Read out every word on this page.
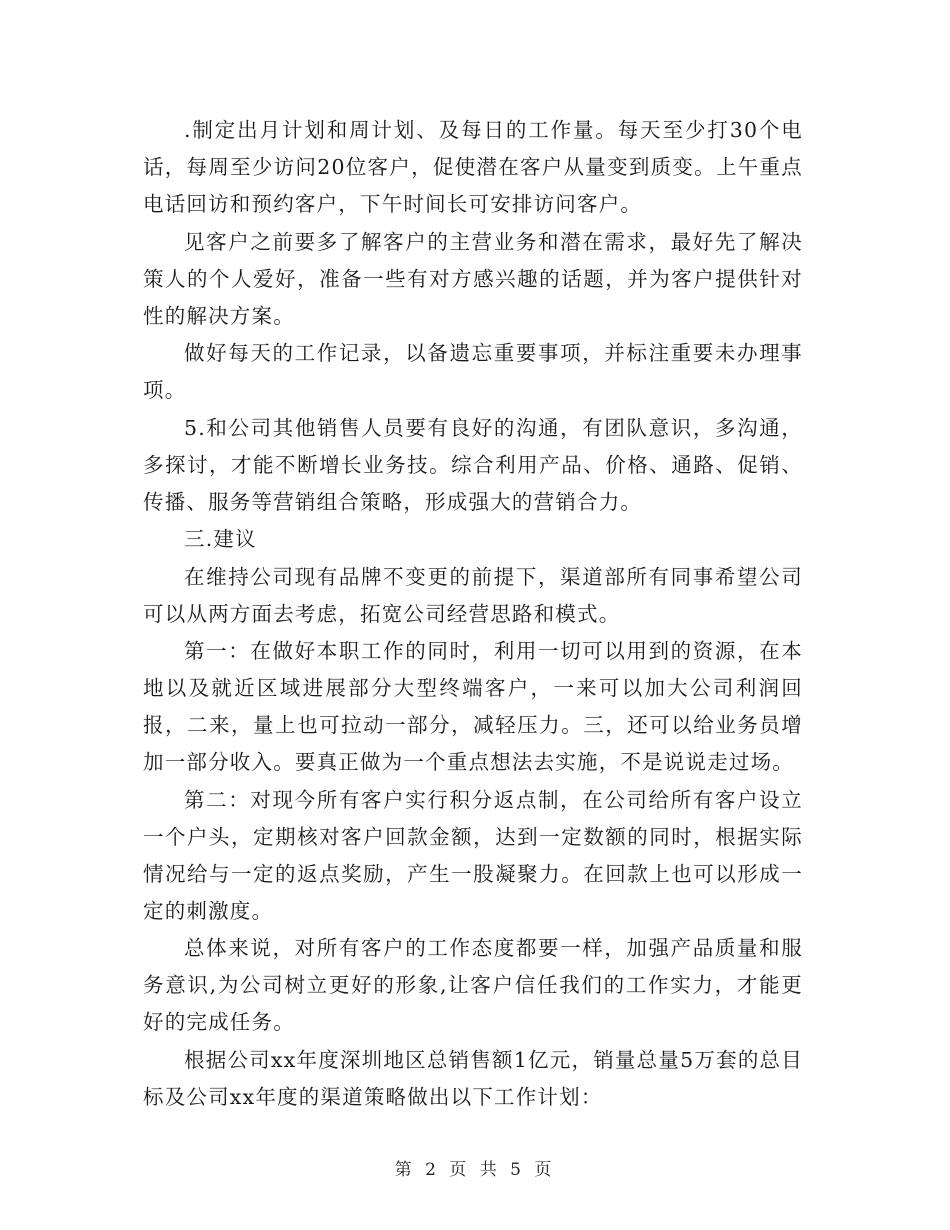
.制定出月计划和周计划、及每日的工作量。每天至少打30个电话，每周至少访问20位客户，促使潜在客户从量变到质变。上午重点电话回访和预约客户，下午时间长可安排访问客户。

见客户之前要多了解客户的主营业务和潜在需求，最好先了解决策人的个人爱好，准备一些有对方感兴趣的话题，并为客户提供针对性的解决方案。

做好每天的工作记录，以备遗忘重要事项，并标注重要未办理事项。

5.和公司其他销售人员要有良好的沟通，有团队意识，多沟通，多探讨，才能不断增长业务技。综合利用产品、价格、通路、促销、传播、服务等营销组合策略，形成强大的营销合力。

三.建议

在维持公司现有品牌不变更的前提下，渠道部所有同事希望公司可以从两方面去考虑，拓宽公司经营思路和模式。

第一：在做好本职工作的同时，利用一切可以用到的资源，在本地以及就近区域进展部分大型终端客户，一来可以加大公司利润回报，二来，量上也可拉动一部分，减轻压力。三，还可以给业务员增加一部分收入。要真正做为一个重点想法去实施，不是说说走过场。

第二：对现今所有客户实行积分返点制，在公司给所有客户设立一个户头，定期核对客户回款金额，达到一定数额的同时，根据实际情况给与一定的返点奖励，产生一股凝聚力。在回款上也可以形成一定的刺激度。

总体来说，对所有客户的工作态度都要一样，加强产品质量和服务意识,为公司树立更好的形象,让客户信任我们的工作实力，才能更好的完成任务。

根据公司xx年度深圳地区总销售额1亿元，销量总量5万套的总目标及公司xx年度的渠道策略做出以下工作计划：

第 2 页 共 5 页
